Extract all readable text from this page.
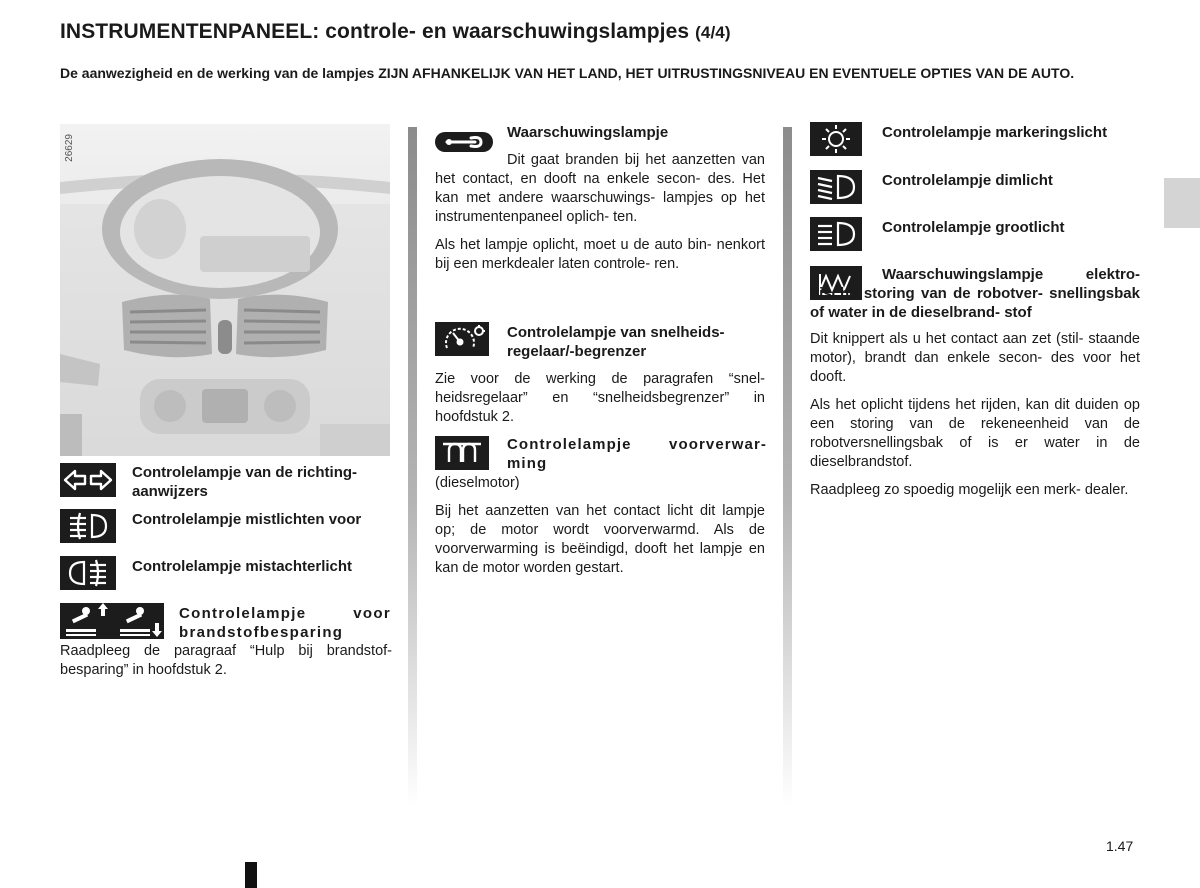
INSTRUMENTENPANEEL: controle- en waarschuwingslampjes (4/4)
De aanwezigheid en de werking van de lampjes ZIJN AFHANKELIJK VAN HET LAND, HET UITRUSTINGSNIVEAU EN EVENTUELE OPTIES VAN DE AUTO.
1.47
26629
Controlelampje van de richting- aanwijzers
Controlelampje mistlichten voor
Controlelampje mistachterlicht
Controlelampje voor brandstofbesparing

Raadpleeg de paragraaf “Hulp bij brandstof- besparing” in hoofdstuk 2.

Waarschuwingslampje

Dit gaat branden bij het aanzetten van het contact, en dooft na enkele secon- des. Het kan met andere waarschuwings- lampjes op het instrumentenpaneel oplich- ten.

Als het lampje oplicht, moet u de auto bin- nenkort bij een merkdealer laten controle- ren.

Controlelampje van snelheids- regelaar/-begrenzer

Zie voor de werking de paragrafen “snel- heidsregelaar” en “snelheidsbegrenzer” in hoofdstuk 2.

Controlelampje voorverwar- ming

(dieselmotor)

Bij het aanzetten van het contact licht dit lampje op; de motor wordt voorverwarmd. Als de voorverwarming is beëindigd, dooft het lampje en kan de motor worden gestart.

Controlelampje markeringslicht
Controlelampje dimlicht
Controlelampje grootlicht

Waarschuwingslampje elektro- nische storing van de robotver- snellingsbak of water in de dieselbrand- stof

Dit knippert als u het contact aan zet (stil- staande motor), brandt dan enkele secon- des voor het dooft.

Als het oplicht tijdens het rijden, kan dit duiden op een storing van de rekeneenheid van de robotversnellingsbak of is er water in de dieselbrandstof.

Raadpleeg zo spoedig mogelijk een merk- dealer.
